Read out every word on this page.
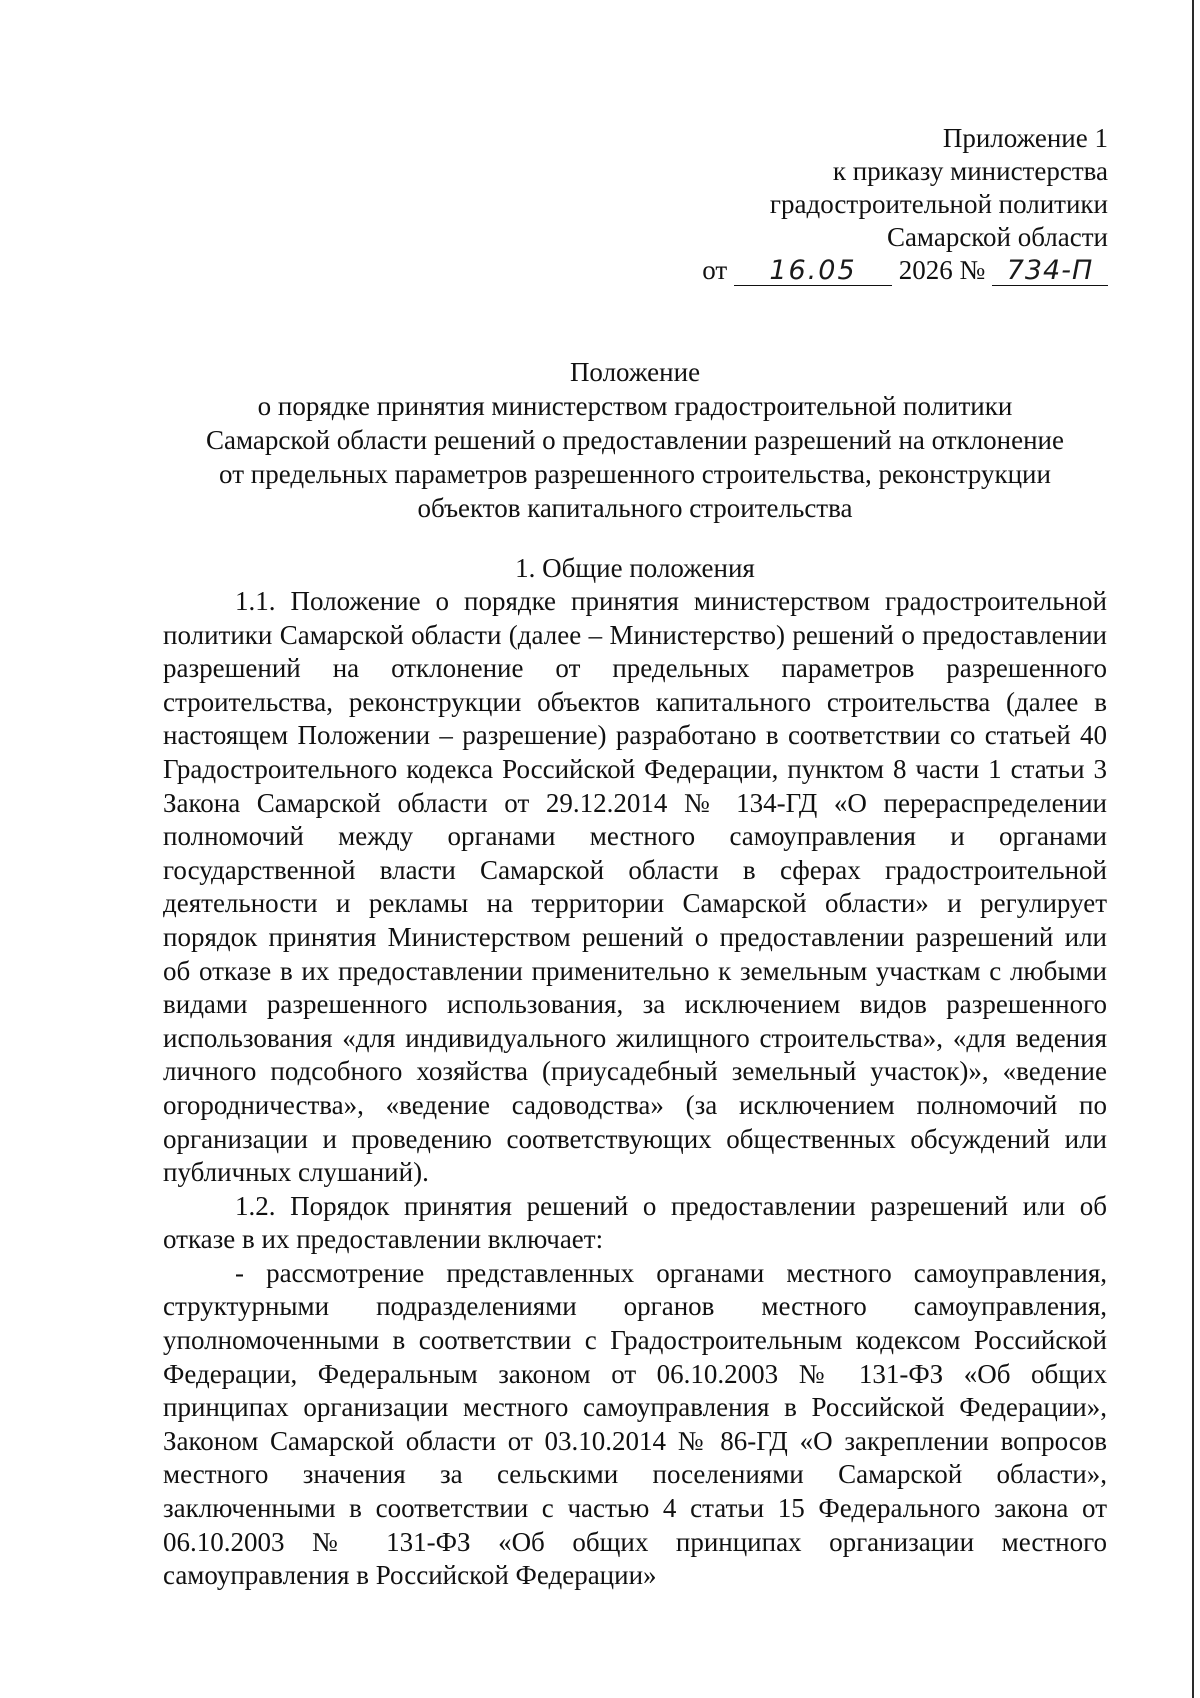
Приложение 1
к приказу министерства
градостроительной политики
Самарской области
от 16.05 2026 № 734-П
Положение
о порядке принятия министерством градостроительной политики
Самарской области решений о предоставлении разрешений на отклонение
от предельных параметров разрешенного строительства, реконструкции
объектов капитального строительства
1. Общие положения

1.1. Положение о порядке принятия министерством градостроительной политики Самарской области (далее – Министерство) решений о предоставлении разрешений на отклонение от предельных параметров разрешенного строительства, реконструкции объектов капитального строительства (далее в настоящем Положении – разрешение) разработано в соответствии со статьей 40 Градостроительного кодекса Российской Федерации, пунктом 8 части 1 статьи 3 Закона Самарской области от 29.12.2014 № 134-ГД «О перераспределении полномочий между органами местного самоуправления и органами государственной власти Самарской области в сферах градостроительной деятельности и рекламы на территории Самарской области» и регулирует порядок принятия Министерством решений о предоставлении разрешений или об отказе в их предоставлении применительно к земельным участкам с любыми видами разрешенного использования, за исключением видов разрешенного использования «для индивидуального жилищного строительства», «для ведения личного подсобного хозяйства (приусадебный земельный участок)», «ведение огородничества», «ведение садоводства» (за исключением полномочий по организации и проведению соответствующих общественных обсуждений или публичных слушаний).

1.2. Порядок принятия решений о предоставлении разрешений или об отказе в их предоставлении включает:

- рассмотрение представленных органами местного самоуправления, структурными подразделениями органов местного самоуправления, уполномоченными в соответствии с Градостроительным кодексом Российской Федерации, Федеральным законом от 06.10.2003 № 131-ФЗ «Об общих принципах организации местного самоуправления в Российской Федерации», Законом Самарской области от 03.10.2014 № 86-ГД «О закреплении вопросов местного значения за сельскими поселениями Самарской области», заключенными в соответствии с частью 4 статьи 15 Федерального закона от 06.10.2003 № 131-ФЗ «Об общих принципах организации местного самоуправления в Российской Федерации»
